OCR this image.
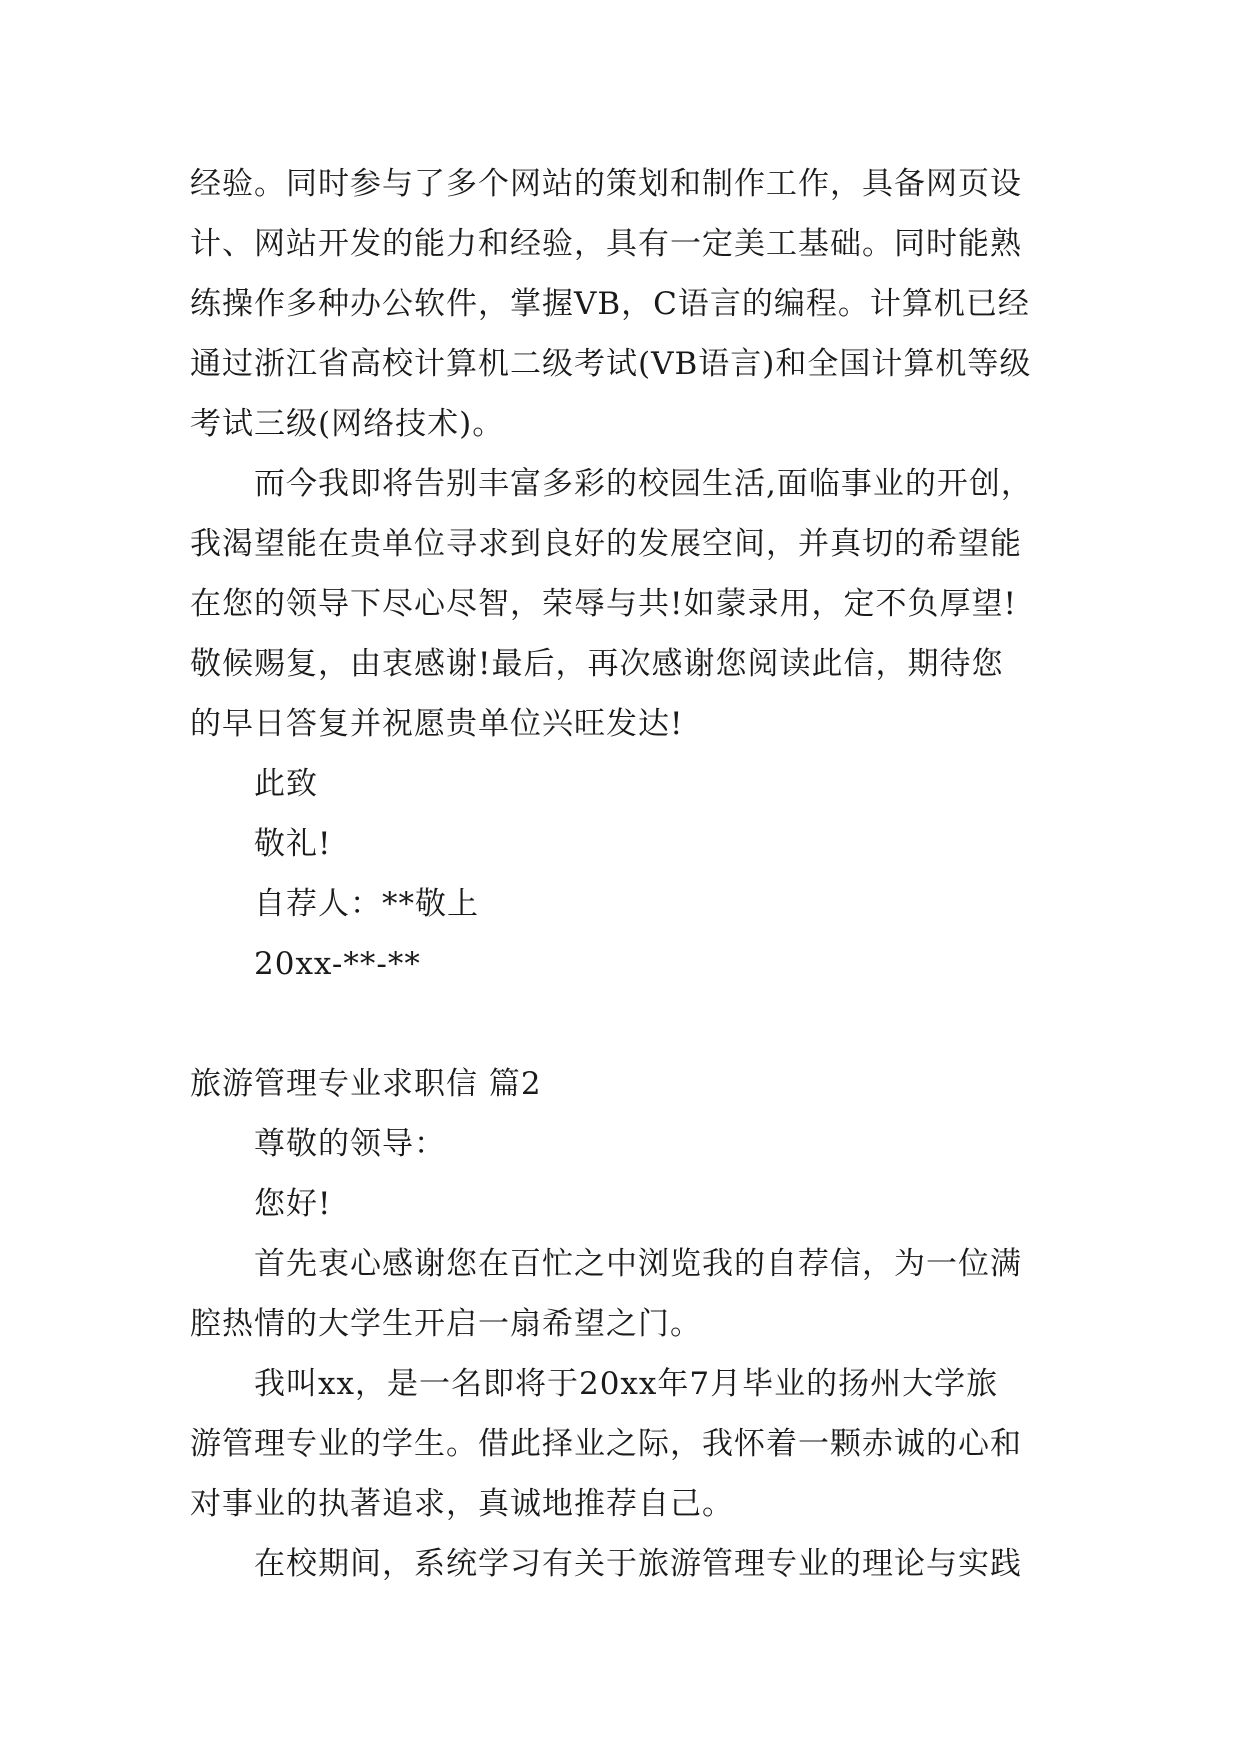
经验。同时参与了多个网站的策划和制作工作，具备网页设
计、网站开发的能力和经验，具有一定美工基础。同时能熟
练操作多种办公软件，掌握VB，C语言的编程。计算机已经
通过浙江省高校计算机二级考试(VB语言)和全国计算机等级
考试三级(网络技术)。
而今我即将告别丰富多彩的校园生活,面临事业的开创，
我渴望能在贵单位寻求到良好的发展空间，并真切的希望能
在您的领导下尽心尽智，荣辱与共!如蒙录用，定不负厚望!
敬候赐复，由衷感谢!最后，再次感谢您阅读此信，期待您
的早日答复并祝愿贵单位兴旺发达!
此致
敬礼!
自荐人：**敬上
20xx-**-**
旅游管理专业求职信 篇2
尊敬的领导：
您好!
首先衷心感谢您在百忙之中浏览我的自荐信，为一位满
腔热情的大学生开启一扇希望之门。
我叫xx，是一名即将于20xx年7月毕业的扬州大学旅
游管理专业的学生。借此择业之际，我怀着一颗赤诚的心和
对事业的执著追求，真诚地推荐自己。
在校期间，系统学习有关于旅游管理专业的理论与实践
